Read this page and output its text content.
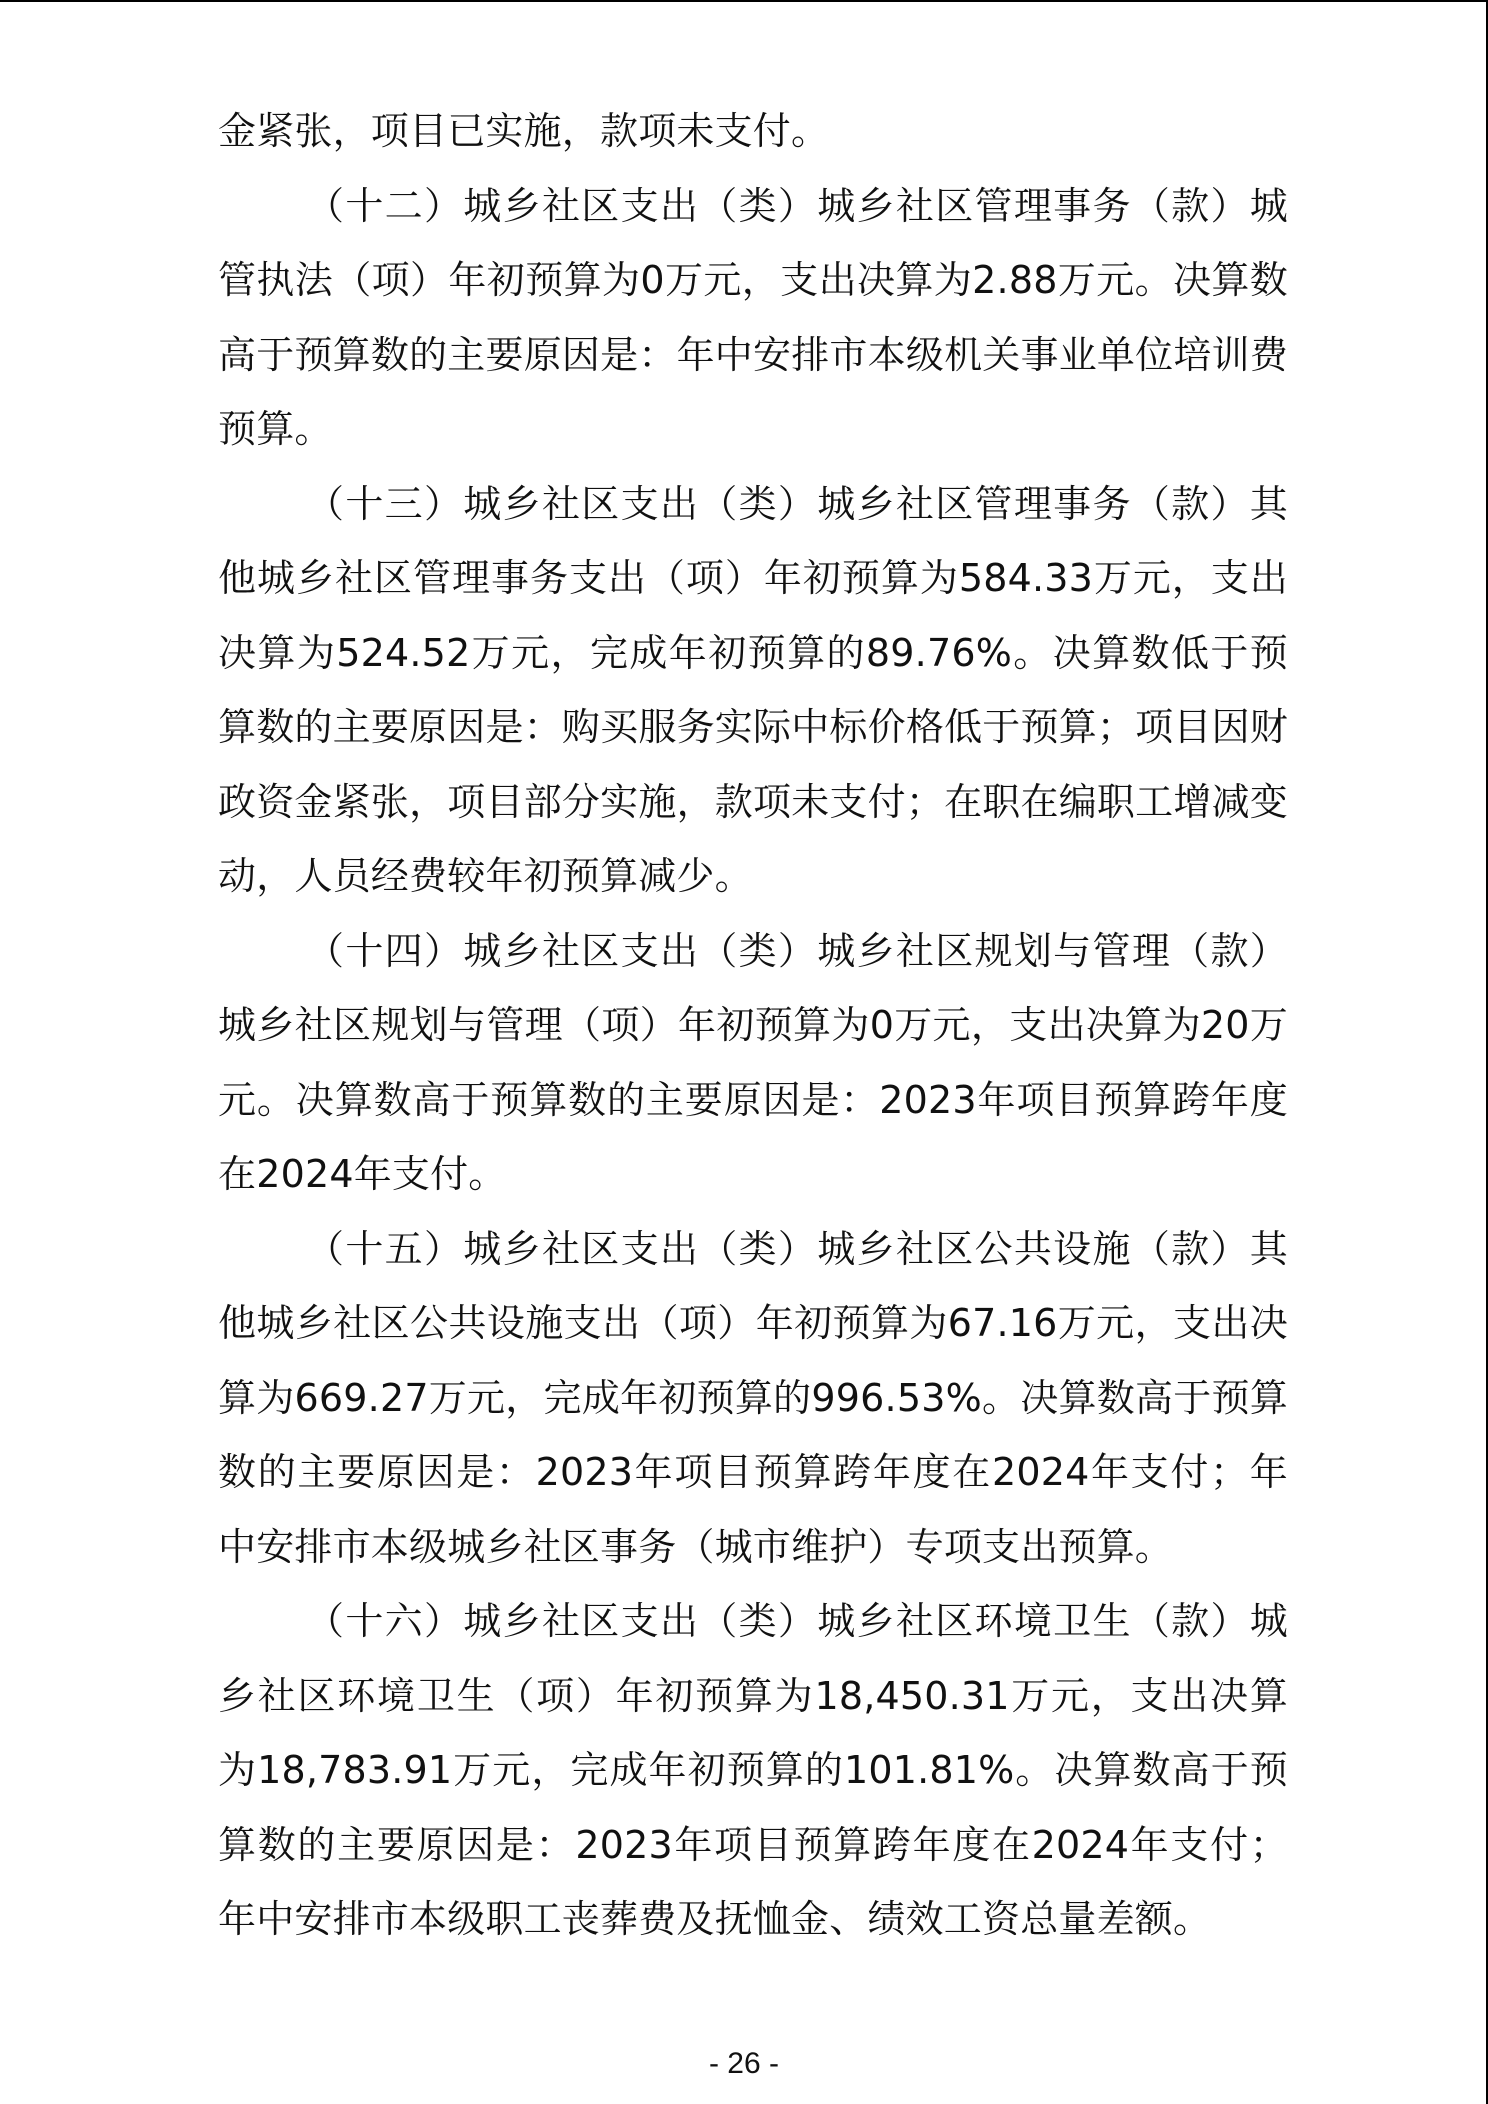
金紧张，项目已实施，款项未支付。

（十二）城乡社区支出（类）城乡社区管理事务（款）城管执法（项）年初预算为0万元，支出决算为2.88万元。决算数高于预算数的主要原因是：年中安排市本级机关事业单位培训费预算。

（十三）城乡社区支出（类）城乡社区管理事务（款）其他城乡社区管理事务支出（项）年初预算为584.33万元，支出决算为524.52万元，完成年初预算的89.76%。决算数低于预算数的主要原因是：购买服务实际中标价格低于预算；项目因财政资金紧张，项目部分实施，款项未支付；在职在编职工增减变动，人员经费较年初预算减少。

（十四）城乡社区支出（类）城乡社区规划与管理（款）城乡社区规划与管理（项）年初预算为0万元，支出决算为20万元。决算数高于预算数的主要原因是：2023年项目预算跨年度在2024年支付。

（十五）城乡社区支出（类）城乡社区公共设施（款）其他城乡社区公共设施支出（项）年初预算为67.16万元，支出决算为669.27万元，完成年初预算的996.53%。决算数高于预算数的主要原因是：2023年项目预算跨年度在2024年支付；年中安排市本级城乡社区事务（城市维护）专项支出预算。

（十六）城乡社区支出（类）城乡社区环境卫生（款）城乡社区环境卫生（项）年初预算为18,450.31万元，支出决算为18,783.91万元，完成年初预算的101.81%。决算数高于预算数的主要原因是：2023年项目预算跨年度在2024年支付；年中安排市本级职工丧葬费及抚恤金、绩效工资总量差额。

- 26 -
